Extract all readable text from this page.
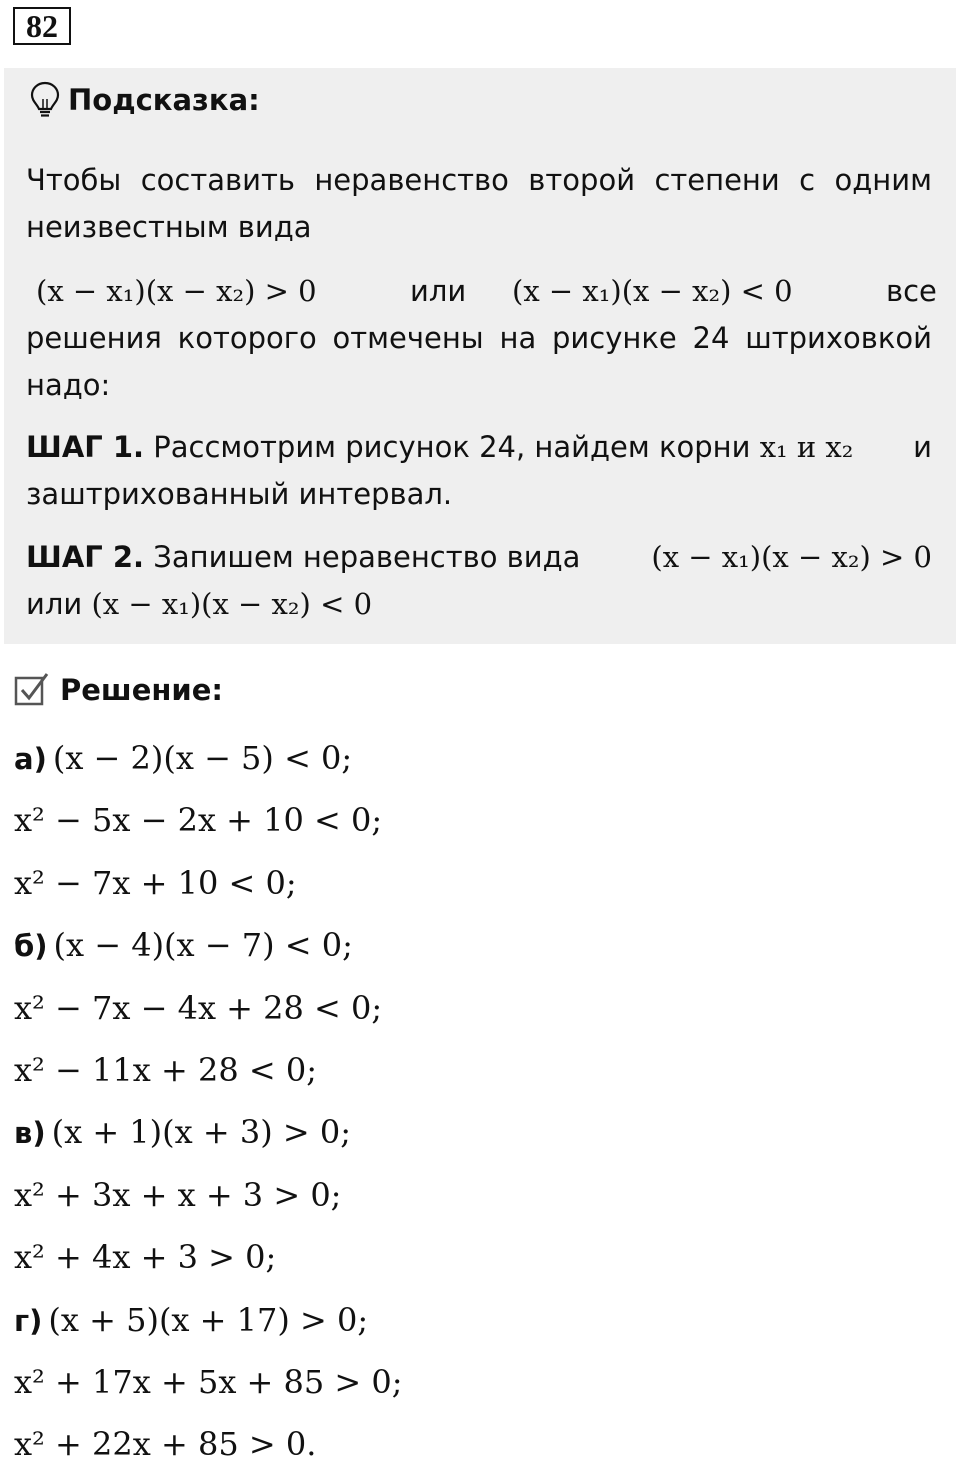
82
Подсказка:
Чтобы составить неравенство второй степени с одним неизвестным вида
(x − x₁)(x − x₂) > 0	или (x − x₁)(x − x₂) < 0	все
решения которого отмечены на рисунке 24 штриховкой надо:
ШАГ 1. Рассмотрим рисунок 24, найдем корни x₁ и x₂ и

заштрихованный интервал.
ШАГ 2. Запишем неравенство вида (x − x₁)(x − x₂) > 0

или (x − x₁)(x − x₂) < 0
Решение:
а) (x − 2)(x − 5) < 0;
x² − 5x − 2x + 10 < 0;
x² − 7x + 10 < 0;
б) (x − 4)(x − 7) < 0;
x² − 7x − 4x + 28 < 0;
x² − 11x + 28 < 0;
в) (x + 1)(x + 3) > 0;
x² + 3x + x + 3 > 0;
x² + 4x + 3 > 0;
г) (x + 5)(x + 17) > 0;
x² + 17x + 5x + 85 > 0;
x² + 22x + 85 > 0.
